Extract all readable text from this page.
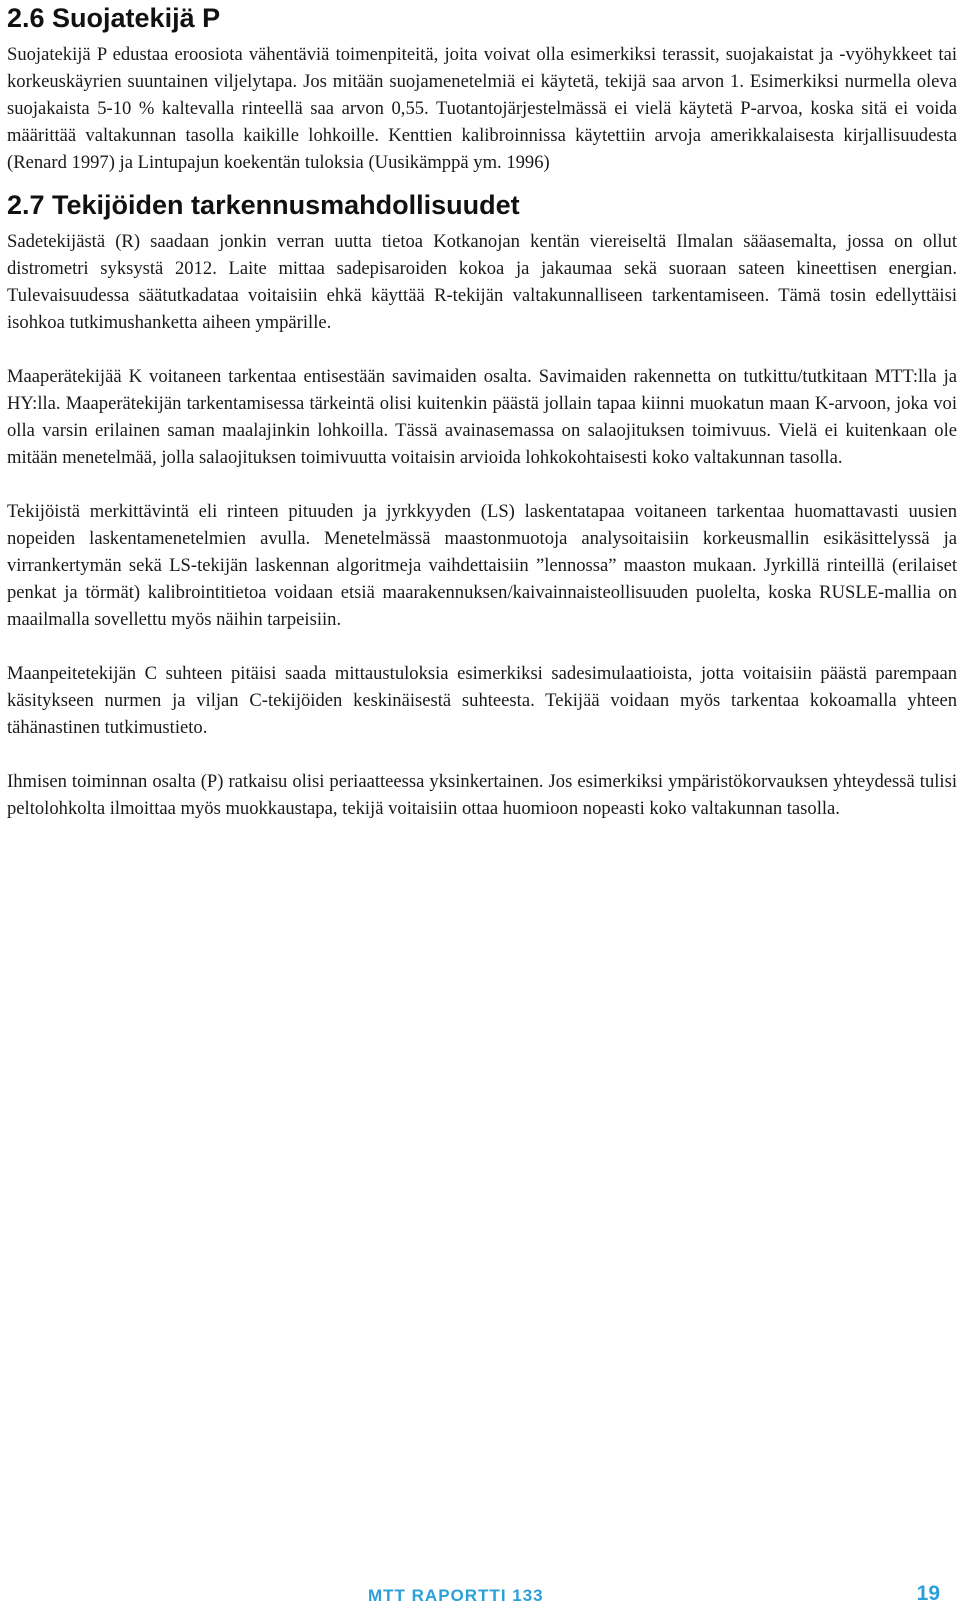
2.6 Suojatekijä P

Suojatekijä P edustaa eroosiota vähentäviä toimenpiteitä, joita voivat olla esimerkiksi terassit, suojakaistat ja -vyöhykkeet tai korkeuskäyrien suuntainen viljelytapa. Jos mitään suojamenetelmiä ei käytetä, tekijä saa arvon 1. Esimerkiksi nurmella oleva suojakaista 5-10 % kaltevalla rinteellä saa arvon 0,55. Tuotantojärjestelmässä ei vielä käytetä P-arvoa, koska sitä ei voida määrittää valtakunnan tasolla kaikille lohkoille. Kenttien kalibroinnissa käytettiin arvoja amerikkalaisesta kirjallisuudesta (Renard 1997) ja Lintupajun koekentän tuloksia (Uusikämppä ym. 1996)

2.7 Tekijöiden tarkennusmahdollisuudet

Sadetekijästä (R) saadaan jonkin verran uutta tietoa Kotkanojan kentän viereiseltä Ilmalan sääasemalta, jossa on ollut distrometri syksystä 2012. Laite mittaa sadepisaroiden kokoa ja jakaumaa sekä suoraan sateen kineettisen energian. Tulevaisuudessa säätutkadataa voitaisiin ehkä käyttää R-tekijän valtakunnalliseen tarkentamiseen. Tämä tosin edellyttäisi isohkoa tutkimushanketta aiheen ympärille.

Maaperätekijää K voitaneen tarkentaa entisestään savimaiden osalta. Savimaiden rakennetta on tutkittu/tutkitaan MTT:lla ja HY:lla. Maaperätekijän tarkentamisessa tärkeintä olisi kuitenkin päästä jollain tapaa kiinni muokatun maan K-arvoon, joka voi olla varsin erilainen saman maalajinkin lohkoilla. Tässä avainasemassa on salaojituksen toimivuus. Vielä ei kuitenkaan ole mitään menetelmää, jolla salaojituksen toimivuutta voitaisin arvioida lohkokohtaisesti koko valtakunnan tasolla.

Tekijöistä merkittävintä eli rinteen pituuden ja jyrkkyyden (LS) laskentatapaa voitaneen tarkentaa huomattavasti uusien nopeiden laskentamenetelmien avulla. Menetelmässä maastonmuotoja analysoitaisiin korkeusmallin esikäsittelyssä ja virrankertymän sekä LS-tekijän laskennan algoritmeja vaihdettaisiin ”lennossa” maaston mukaan. Jyrkillä rinteillä (erilaiset penkat ja törmät) kalibrointitietoa voidaan etsiä maarakennuksen/kaivainnaisteollisuuden puolelta, koska RUSLE-mallia on maailmalla sovellettu myös näihin tarpeisiin.

Maanpeitetekijän C suhteen pitäisi saada mittaustuloksia esimerkiksi sadesimulaatioista, jotta voitaisiin päästä parempaan käsitykseen nurmen ja viljan C-tekijöiden keskinäisestä suhteesta. Tekijää voidaan myös tarkentaa kokoamalla yhteen tähänastinen tutkimustieto.

Ihmisen toiminnan osalta (P) ratkaisu olisi periaatteessa yksinkertainen. Jos esimerkiksi ympäristökorvauksen yhteydessä tulisi peltolohkolta ilmoittaa myös muokkaustapa, tekijä voitaisiin ottaa huomioon nopeasti koko valtakunnan tasolla.

MTT RAPORTTI 133	19
